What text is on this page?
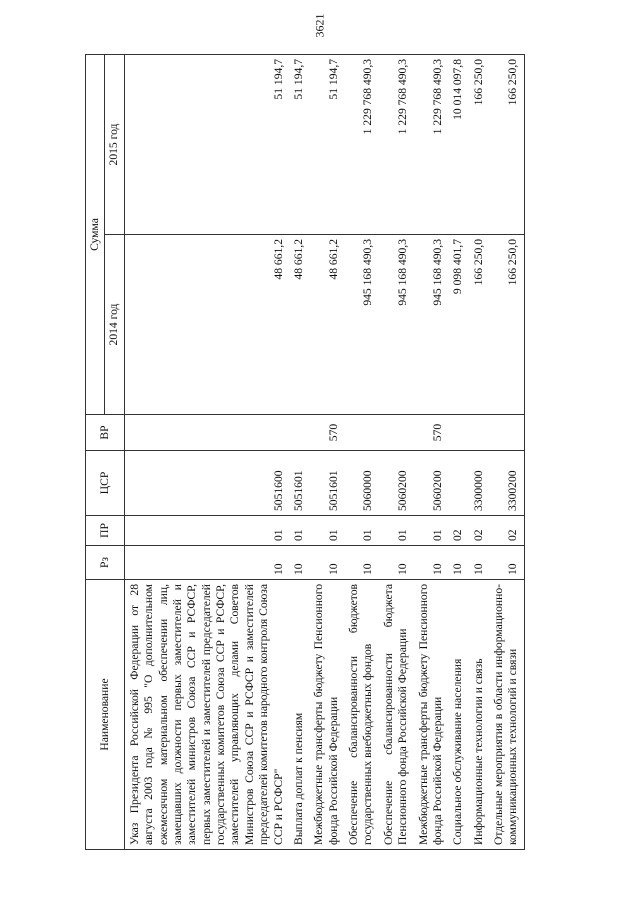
3621
Наименование	Рз	ПР	ЦСР	ВР	Сумма	
					2014 год	2015 год
Указ Президента Российской Федерации от 28 августа 2003 года № 995 "О дополнительном ежемесячном материальном обеспечении лиц, замещавших должности первых заместителей и заместителей министров Союза ССР и РСФСР, первых заместителей и заместителей председателей государственных комитетов Союза ССР и РСФСР, заместителей управляющих делами Советов Министров Союза ССР и РСФСР и заместителей председателей комитетов народного контроля Союза ССР и РСФСР"	10	01	5051600		48 661,2	51 194,7
Выплата доплат к пенсиям	10	01	5051601		48 661,2	51 194,7
Межбюджетные трансферты бюджету Пенсионного фонда Российской Федерации	10	01	5051601	570	48 661,2	51 194,7
Обеспечение сбалансированности бюджетов государственных внебюджетных фондов	10	01	5060000		945 168 490,3	1 229 768 490,3
Обеспечение сбалансированности бюджета Пенсионного фонда Российской Федерации	10	01	5060200		945 168 490,3	1 229 768 490,3
Межбюджетные трансферты бюджету Пенсионного фонда Российской Федерации	10	01	5060200	570	945 168 490,3	1 229 768 490,3
Социальное обслуживание населения	10	02			9 098 401,7	10 014 097,8
Информационные технологии и связь	10	02	3300000		166 250,0	166 250,0
Отдельные мероприятия в области информационно-коммуникационных технологий и связи	10	02	3300200		166 250,0	166 250,0
